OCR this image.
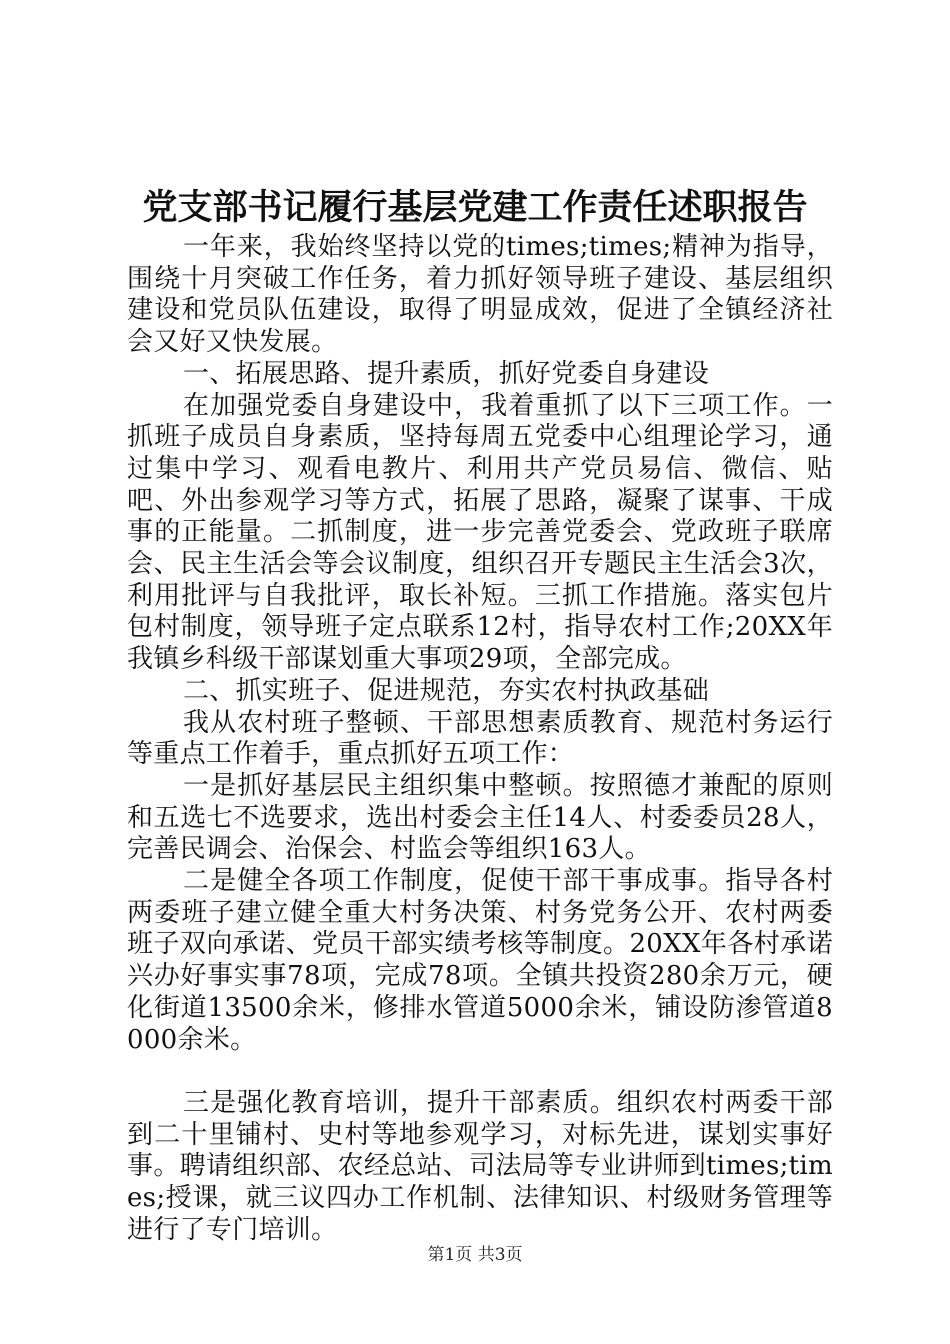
党支部书记履行基层党建工作责任述职报告

一年来，我始终坚持以党的times;times;精神为指导，围绕十月突破工作任务，着力抓好领导班子建设、基层组织建设和党员队伍建设，取得了明显成效，促进了全镇经济社会又好又快发展。

一、拓展思路、提升素质，抓好党委自身建设

在加强党委自身建设中，我着重抓了以下三项工作。一抓班子成员自身素质，坚持每周五党委中心组理论学习，通过集中学习、观看电教片、利用共产党员易信、微信、贴吧、外出参观学习等方式，拓展了思路，凝聚了谋事、干成事的正能量。二抓制度，进一步完善党委会、党政班子联席会、民主生活会等会议制度，组织召开专题民主生活会3次，利用批评与自我批评，取长补短。三抓工作措施。落实包片包村制度，领导班子定点联系12村，指导农村工作;20XX年我镇乡科级干部谋划重大事项29项，全部完成。

二、抓实班子、促进规范，夯实农村执政基础

我从农村班子整顿、干部思想素质教育、规范村务运行等重点工作着手，重点抓好五项工作：

一是抓好基层民主组织集中整顿。按照德才兼配的原则和五选七不选要求，选出村委会主任14人、村委委员28人，完善民调会、治保会、村监会等组织163人。

二是健全各项工作制度，促使干部干事成事。指导各村两委班子建立健全重大村务决策、村务党务公开、农村两委班子双向承诺、党员干部实绩考核等制度。20XX年各村承诺兴办好事实事78项，完成78项。全镇共投资280余万元，硬化街道13500余米，修排水管道5000余米，铺设防渗管道8000余米。

三是强化教育培训，提升干部素质。组织农村两委干部到二十里铺村、史村等地参观学习，对标先进，谋划实事好事。聘请组织部、农经总站、司法局等专业讲师到times;times;授课，就三议四办工作机制、法律知识、村级财务管理等进行了专门培训。

第1页 共3页
